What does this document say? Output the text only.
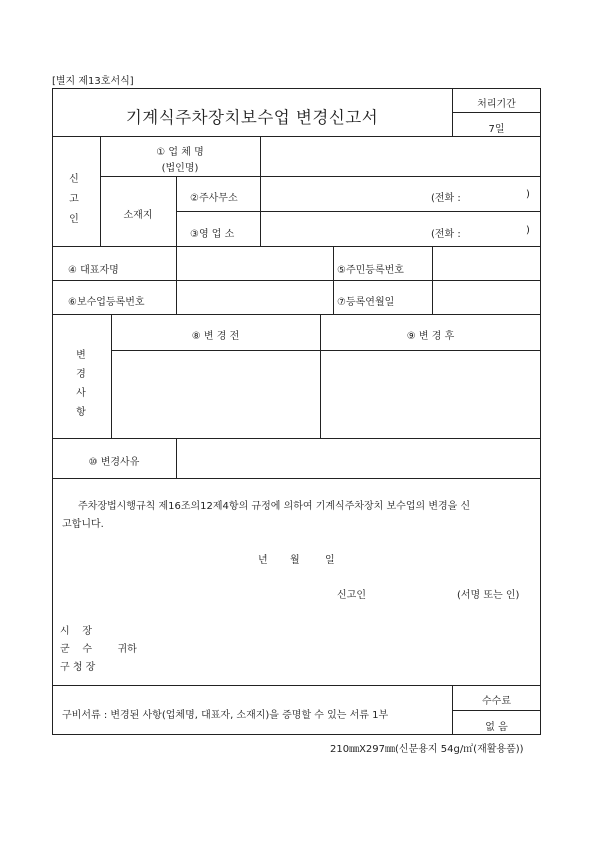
[별지 제13호서식]
기계식주차장치보수업 변경신고서
처리기간
7일
신
고
인
① 업 체 명
(법인명)
소재지
②주사무소	(전화 :	)
③영 업 소	(전화 :	)
④ 대표자명	⑤주민등록번호
⑥보수업등록번호	⑦등록연월일
변
경
사
항
⑧ 변 경 전	⑨ 변 경 후
⑩ 변경사유
주차장법시행규칙 제16조의12제4항의 규정에 의하여 기계식주차장치 보수업의 변경을 신
고합니다.
년 월	일
신고인	(서명 또는 인)
시    장
군    수        귀하
구 청 장
구비서류 : 변경된 사항(업체명, 대표자, 소재지)을 증명할 수 있는 서류 1부
수수료
없 음
210㎜X297㎜(신문용지 54g/㎡(재활용품))
